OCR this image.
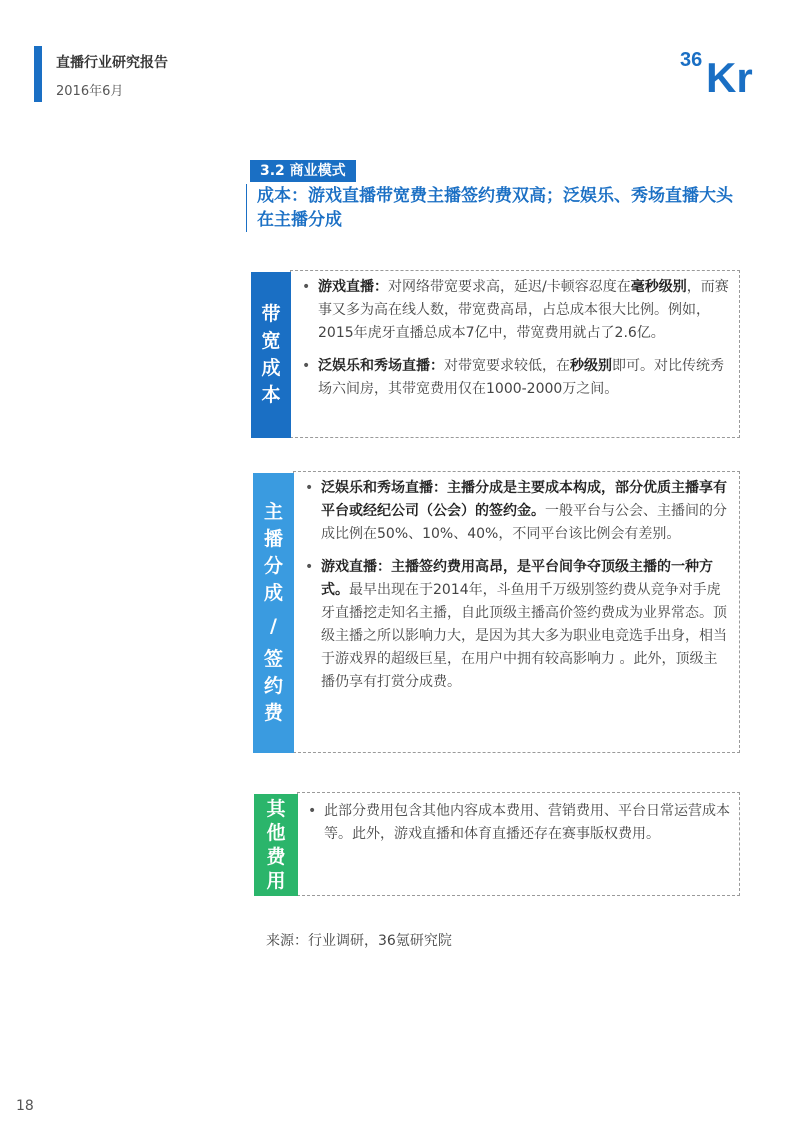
直播行业研究报告
2016年6月
36 Kr
3.2 商业模式
成本：游戏直播带宽费主播签约费双高；泛娱乐、秀场直播大头在主播分成
带
宽
成
本
• 游戏直播：对网络带宽要求高，延迟/卡顿容忍度在毫秒级别，而赛事又多为高在线人数，带宽费高昂，占总成本很大比例。例如，2015年虎牙直播总成本7亿中，带宽费用就占了2.6亿。
• 泛娱乐和秀场直播：对带宽要求较低，在秒级别即可。对比传统秀场六间房，其带宽费用仅在1000-2000万之间。
主
播
分
成
/
签
约
费
• 泛娱乐和秀场直播：主播分成是主要成本构成，部分优质主播享有平台或经纪公司（公会）的签约金。一般平台与公会、主播间的分成比例在50%、10%、40%，不同平台该比例会有差别。
• 游戏直播：主播签约费用高昂，是平台间争夺顶级主播的一种方式。最早出现在于2014年，斗鱼用千万级别签约费从竞争对手虎牙直播挖走知名主播，自此顶级主播高价签约费成为业界常态。顶级主播之所以影响力大，是因为其大多为职业电竞选手出身，相当于游戏界的超级巨星，在用户中拥有较高影响力 。此外，顶级主播仍享有打赏分成费。
其
他
费
用
• 此部分费用包含其他内容成本费用、营销费用、平台日常运营成本等。此外，游戏直播和体育直播还存在赛事版权费用。
来源：行业调研，36氪研究院
18
